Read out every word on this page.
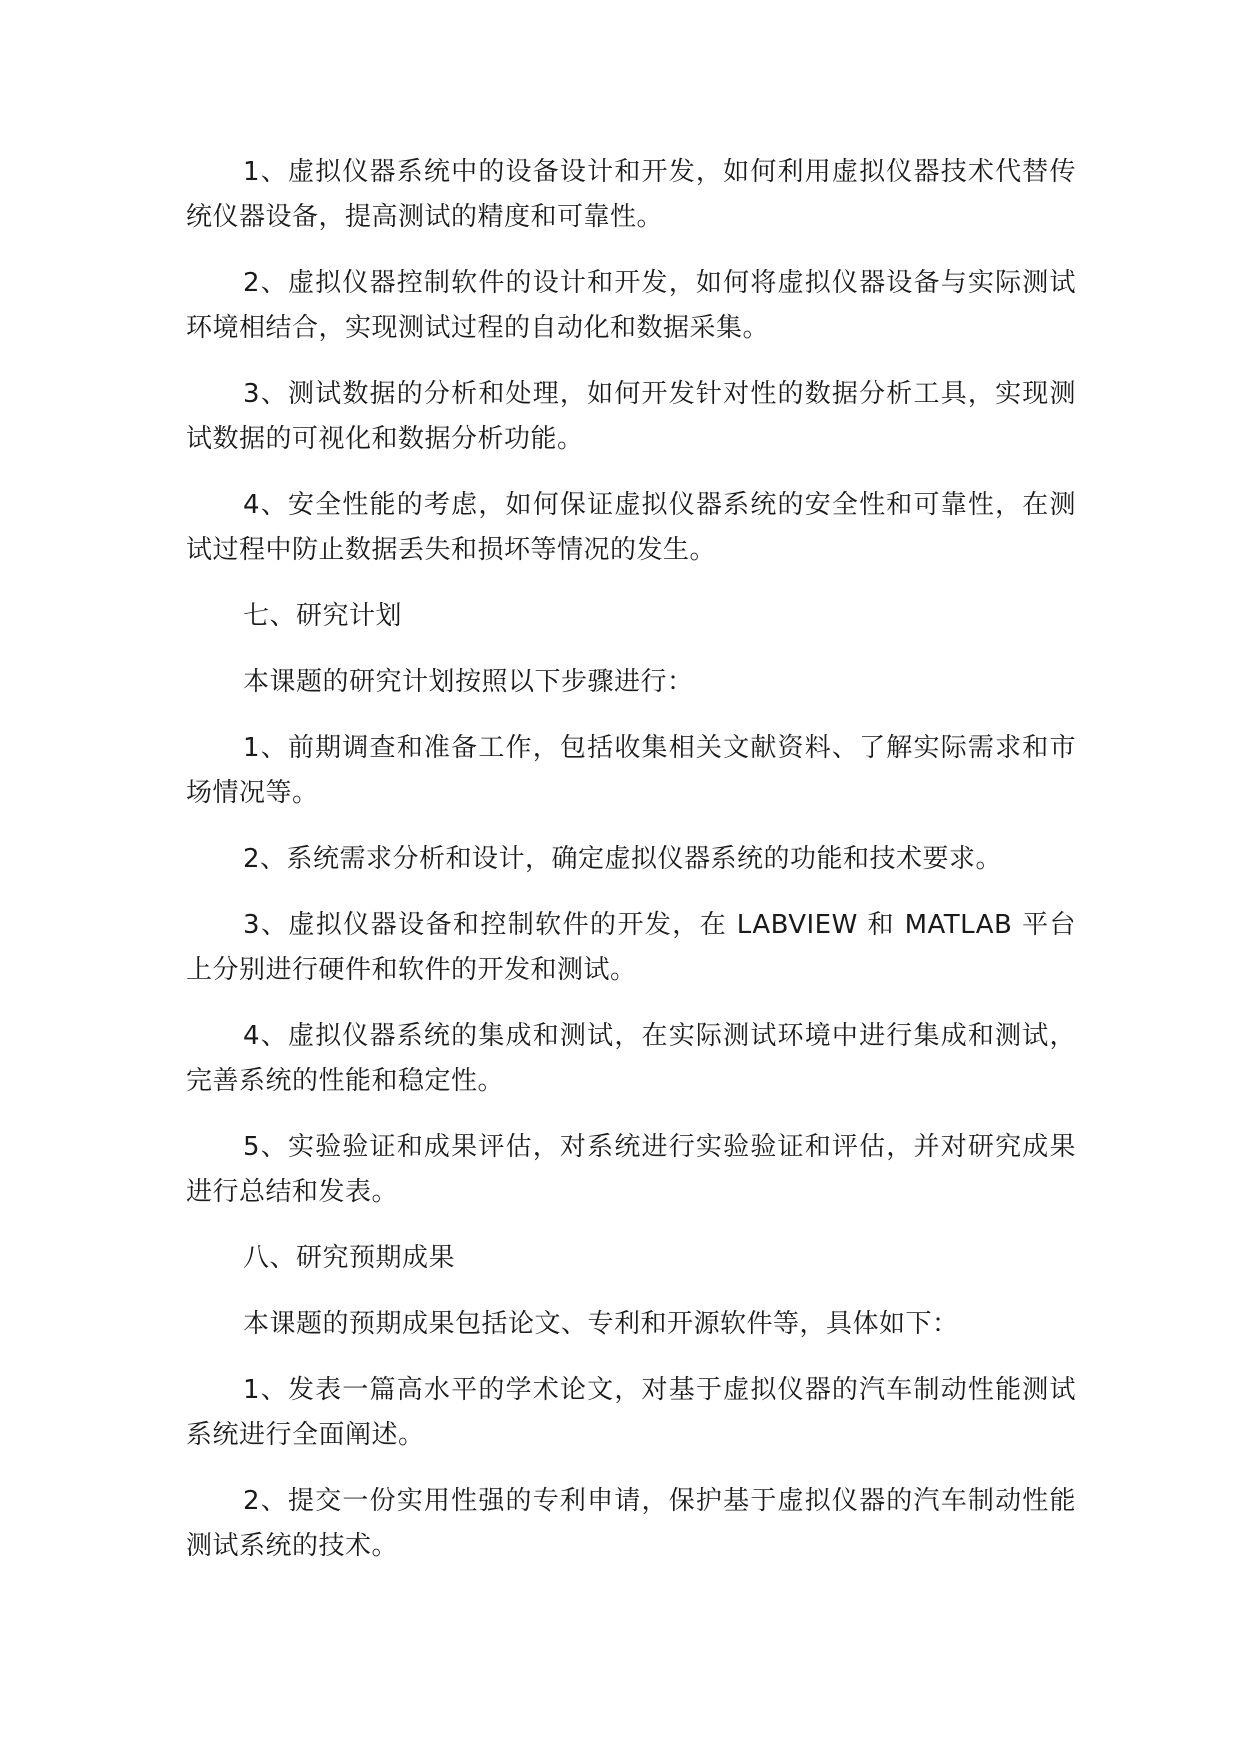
1、虚拟仪器系统中的设备设计和开发，如何利用虚拟仪器技术代替传统仪器设备，提高测试的精度和可靠性。

2、虚拟仪器控制软件的设计和开发，如何将虚拟仪器设备与实际测试环境相结合，实现测试过程的自动化和数据采集。

3、测试数据的分析和处理，如何开发针对性的数据分析工具，实现测试数据的可视化和数据分析功能。

4、安全性能的考虑，如何保证虚拟仪器系统的安全性和可靠性，在测试过程中防止数据丢失和损坏等情况的发生。

七、研究计划

本课题的研究计划按照以下步骤进行：

1、前期调查和准备工作，包括收集相关文献资料、了解实际需求和市场情况等。

2、系统需求分析和设计，确定虚拟仪器系统的功能和技术要求。

3、虚拟仪器设备和控制软件的开发，在 LABVIEW 和 MATLAB 平台上分别进行硬件和软件的开发和测试。

4、虚拟仪器系统的集成和测试，在实际测试环境中进行集成和测试，完善系统的性能和稳定性。

5、实验验证和成果评估，对系统进行实验验证和评估，并对研究成果进行总结和发表。

八、研究预期成果

本课题的预期成果包括论文、专利和开源软件等，具体如下：

1、发表一篇高水平的学术论文，对基于虚拟仪器的汽车制动性能测试系统进行全面阐述。

2、提交一份实用性强的专利申请，保护基于虚拟仪器的汽车制动性能测试系统的技术。
